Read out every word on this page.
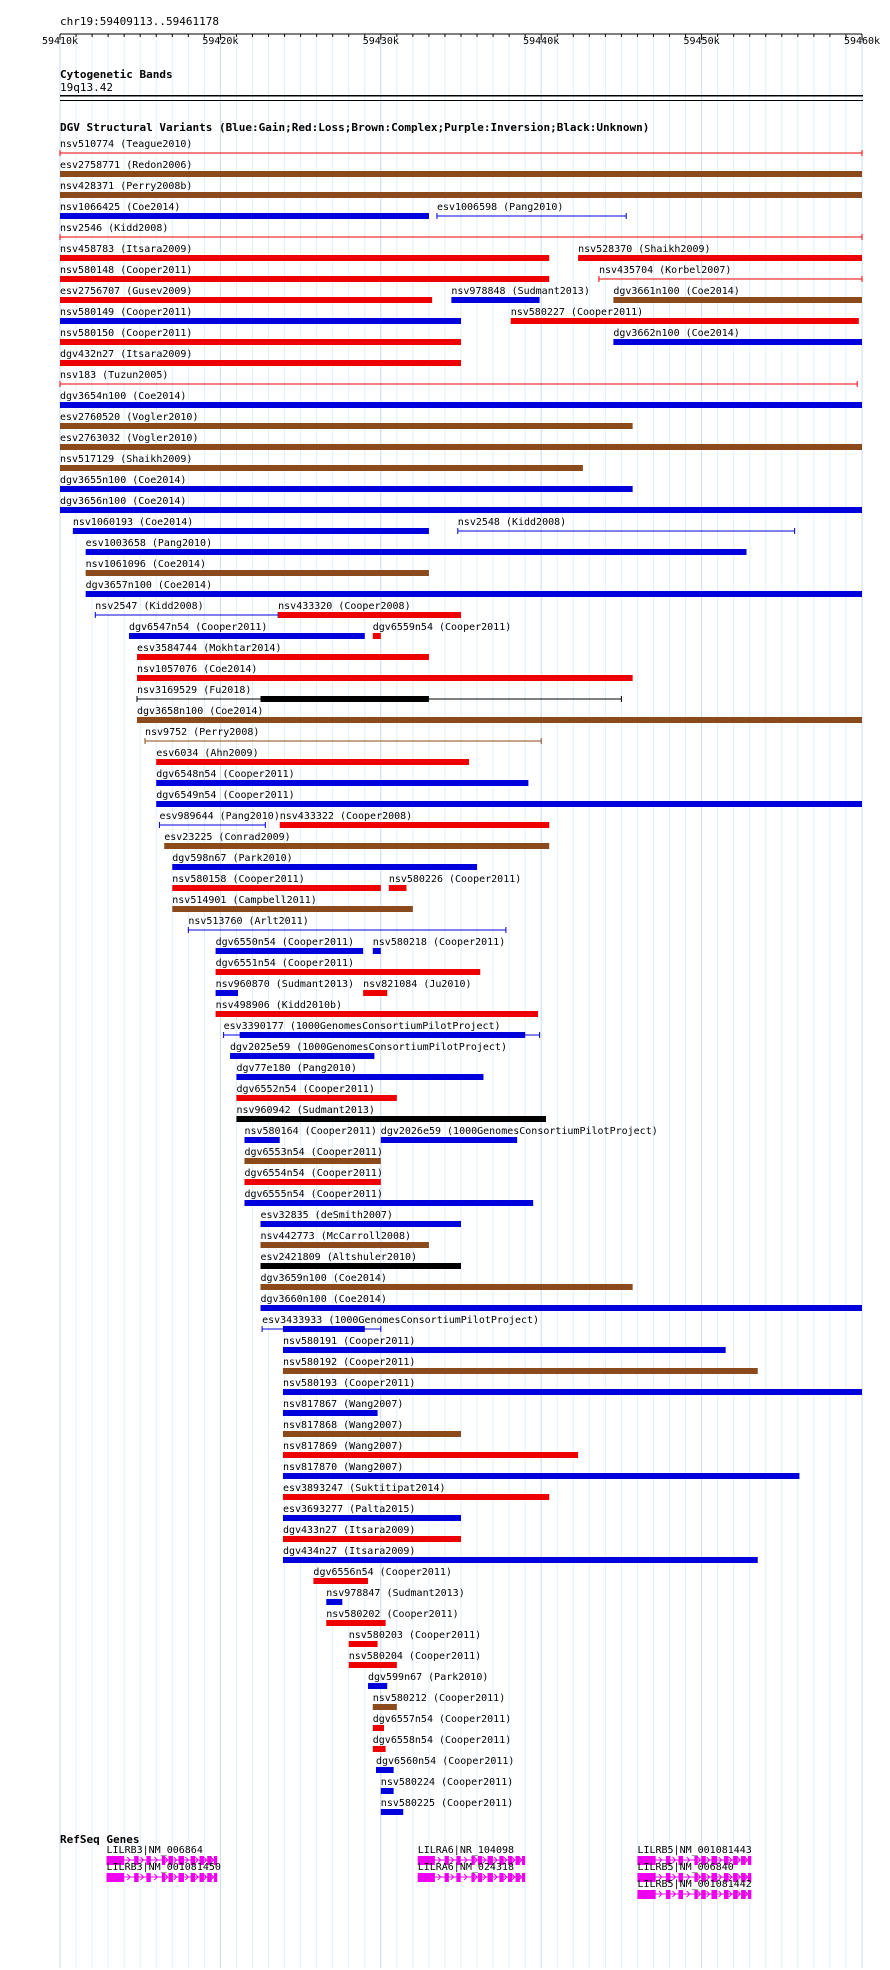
chr19:59409113..59461178
59410k	59420k	59430k	59440k	59450k	59460k
Cytogenetic Bands
19q13.42
DGV Structural Variants (Blue:Gain;Red:Loss;Brown:Complex;Purple:Inversion;Black:Unknown)
nsv510774 (Teague2010)
esv2758771 (Redon2006)
nsv428371 (Perry2008b)
nsv1066425 (Coe2014)	esv1006598 (Pang2010)
nsv2546 (Kidd2008)
nsv458783 (Itsara2009)	nsv528370 (Shaikh2009)
nsv580148 (Cooper2011)	nsv435704 (Korbel2007)
esv2756707 (Gusev2009)	nsv978848 (Sudmant2013) dgv3661n100 (Coe2014)
nsv580149 (Cooper2011)	nsv580227 (Cooper2011)
nsv580150 (Cooper2011)	dgv3662n100 (Coe2014)
dgv432n27 (Itsara2009)
nsv183 (Tuzun2005)
dgv3654n100 (Coe2014)
esv2760520 (Vogler2010)
esv2763032 (Vogler2010)
nsv517129 (Shaikh2009)
dgv3655n100 (Coe2014)
dgv3656n100 (Coe2014)
nsv1060193 (Coe2014)	nsv2548 (Kidd2008)
esv1003658 (Pang2010)
nsv1061096 (Coe2014)
dgv3657n100 (Coe2014)
nsv2547 (Kidd2008)	nsv433320 (Cooper2008)
dgv6547n54 (Cooper2011)	dgv6559n54 (Cooper2011)
esv3584744 (Mokhtar2014)
nsv1057076 (Coe2014)
nsv3169529 (Fu2018)
dgv3658n100 (Coe2014)
nsv9752 (Perry2008)
esv6034 (Ahn2009)
dgv6548n54 (Cooper2011)
dgv6549n54 (Cooper2011)
esv989644 (Pang2010) nsv433322 (Cooper2008)
esv23225 (Conrad2009)
dgv598n67 (Park2010)
nsv580158 (Cooper2011)	nsv580226 (Cooper2011)
nsv514901 (Campbell2011)
nsv513760 (Arlt2011)
dgv6550n54 (Cooper2011) nsv580218 (Cooper2011)
dgv6551n54 (Cooper2011)
nsv960870 (Sudmant2013) nsv821084 (Ju2010)
nsv498906 (Kidd2010b)
esv3390177 (1000GenomesConsortiumPilotProject)
dgv2025e59 (1000GenomesConsortiumPilotProject)
dgv77e180 (Pang2010)
dgv6552n54 (Cooper2011)
nsv960942 (Sudmant2013)
nsv580164 (Cooper2011) dgv2026e59 (1000GenomesConsortiumPilotProject)
dgv6553n54 (Cooper2011)
dgv6554n54 (Cooper2011)
dgv6555n54 (Cooper2011)
esv32835 (deSmith2007)
nsv442773 (McCarroll2008)
esv2421809 (Altshuler2010)
dgv3659n100 (Coe2014)
dgv3660n100 (Coe2014)
esv3433933 (1000GenomesConsortiumPilotProject)
nsv580191 (Cooper2011)
nsv580192 (Cooper2011)
nsv580193 (Cooper2011)
nsv817867 (Wang2007)
nsv817868 (Wang2007)
nsv817869 (Wang2007)
nsv817870 (Wang2007)
esv3893247 (Suktitipat2014)
esv3693277 (Palta2015)
dgv433n27 (Itsara2009)
dgv434n27 (Itsara2009)
dgv6556n54 (Cooper2011)
nsv978847 (Sudmant2013)
nsv580202 (Cooper2011)
nsv580203 (Cooper2011)
nsv580204 (Cooper2011)
dgv599n67 (Park2010)
nsv580212 (Cooper2011)
dgv6557n54 (Cooper2011)
dgv6558n54 (Cooper2011)
dgv6560n54 (Cooper2011)
nsv580224 (Cooper2011)
nsv580225 (Cooper2011)
RefSeq Genes
LILRB3|NM_006864
LILRB3|NM_001081450
LILRA6|NR_104098
LILRA6|NM_024318
LILRB5|NM_001081443
LILRB5|NM_006840
LILRB5|NM_001081442
